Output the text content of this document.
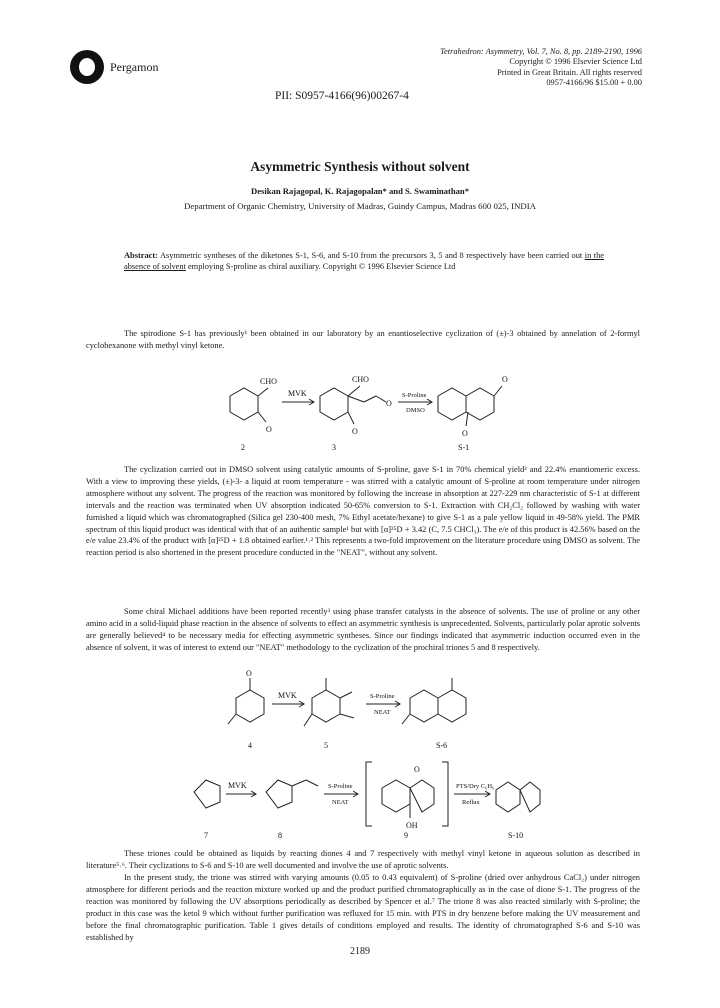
Pergamon
Tetrahedron: Asymmetry, Vol. 7, No. 8, pp. 2189-2190, 1996
Copyright © 1996 Elsevier Science Ltd
Printed in Great Britain. All rights reserved
0957-4166/96 $15.00 + 0.00
PII: S0957-4166(96)00267-4
Asymmetric Synthesis without solvent
Desikan Rajagopal, K. Rajagopalan* and S. Swaminathan*
Department of Organic Chemistry, University of Madras, Guindy Campus, Madras 600 025, INDIA
Abstract: Asymmetric syntheses of the diketones S-1, S-6, and S-10 from the precursors 3, 5 and 8 respectively have been carried out in the absence of solvent employing S-proline as chiral auxiliary. Copyright © 1996 Elsevier Science Ltd
The spirodione S-1 has previously¹ been obtained in our laboratory by an enantioselective cyclization of (±)-3 obtained by annelation of 2-formyl cyclohexanone with methyl vinyl ketone.
CHO
O
MVK
CHO
O
O
O
O
2	3	S-1
S-Proline
DMSO
The cyclization carried out in DMSO solvent using catalytic amounts of S-proline, gave S-1 in 70% chemical yield² and 22.4% enantiomeric excess. With a view to improving these yields, (±)-3- a liquid at room temperature - was stirred with a catalytic amount of S-proline at room temperature under nitrogen atmosphere without any solvent. The progress of the reaction was monitored by following the increase in absorption at 227-229 nm characteristic of S-1 at different intervals and the reaction was terminated when UV absorption indicated 50-65% conversion to S-1. Extraction with CH₂Cl₂ followed by washing with water furnished a liquid which was chromatographed (Silica gel 230-400 mesh, 7% Ethyl acetate/hexane) to give S-1 as a pale yellow liquid in 49-58% yield. The PMR spectrum of this liquid product was identical with that of an authentic sample¹ but with [α]²⁵D + 3.42 (C, 7.5 CHCl₃). The e/e of this product is 42.56% based on the e/e value 23.4% of the product with [α]²⁵D + 1.8 obtained earlier.¹˒² This represents a two-fold improvement on the literature procedure using DMSO as solvent. The reaction period is also shortened in the present procedure conducted in the "NEAT", without any solvent.
Some chiral Michael additions have been reported recently³ using phase transfer catalysts in the absence of solvents. The use of proline or any other amino acid in a solid-liquid phase reaction in the absence of solvents to effect an asymmetric synthesis is unprecedented. Solvents, particularly polar aprotic solvents are generally believed⁴ to be necessary media for effecting asymmetric syntheses. Since our findings indicated that asymmetric induction occurred even in the absence of solvent, it was of interest to extend our "NEAT" methodology to the cyclization of the prochiral triones 5 and 8 respectively.
O
MVK
4	5	S-6
S-Proline
NEAT
MVK
OH
O
7	8	9	S-10
S-Proline
NEAT
PTS/Dry C₆H₆
Reflux
These triones could be obtained as liquids by reacting diones 4 and 7 respectively with methyl vinyl ketone in aqueous solution as described in literature⁵˒⁶. Their cyclizations to S-6 and S-10 are well documented and involve the use of aprotic solvents.
In the present study, the trione was stirred with varying amounts (0.05 to 0.43 equivalent) of S-proline (dried over anhydrous CaCl₂) under nitrogen atmosphere for different periods and the reaction mixture worked up and the product purified chromatographically as in the case of dione S-1. The progress of the reaction was monitored by following the UV absorptions periodically as described by Spencer et al.⁷ The trione 8 was also reacted similarly with S-proline; the product in this case was the ketol 9 which without further purification was refluxed for 15 min. with PTS in dry benzene before making the UV measurement and before the final chromatographic purification. Table 1 gives details of conditions employed and results. The identity of chromatographed S-6 and S-10 was established by
2189
